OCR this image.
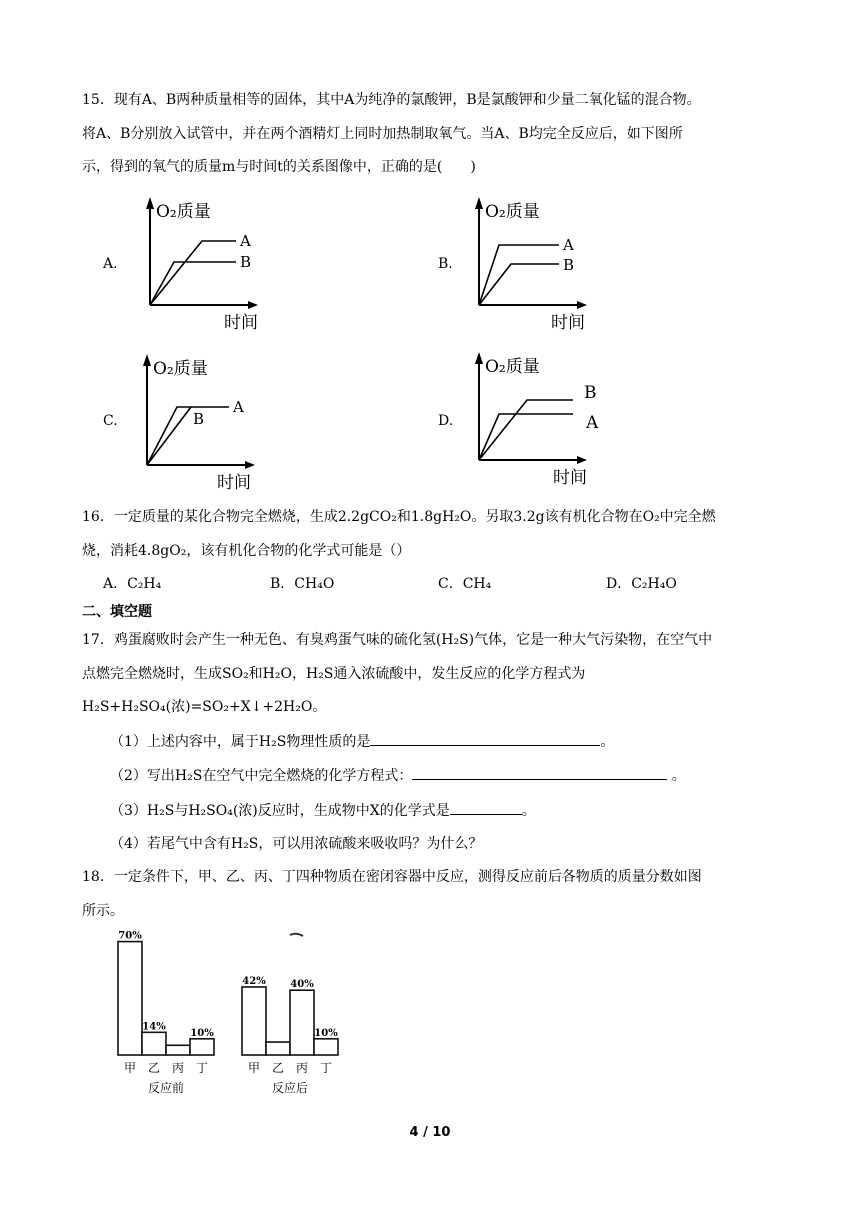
15．现有A、B两种质量相等的固体，其中A为纯净的氯酸钾，B是氯酸钾和少量二氧化锰的混合物。
将A、B分别放入试管中，并在两个酒精灯上同时加热制取氧气。当A、B均完全反应后，如下图所
示，得到的氧气的质量m与时间t的关系图像中，正确的是(　　)
A.
O₂质量
时间
A
B	B.
O₂质量
时间
A
B
C.
O₂质量
时间
A
B	D.
O₂质量
时间
B
A
16．一定质量的某化合物完全燃烧，生成2.2gCO₂和1.8gH₂O。另取3.2g该有机化合物在O₂中完全燃
烧，消耗4.8gO₂，该有机化合物的化学式可能是（）
A．C₂H₄	B．CH₄O	C．CH₄	D．C₂H₄O
二、填空题
17．鸡蛋腐败时会产生一种无色、有臭鸡蛋气味的硫化氢(H₂S)气体，它是一种大气污染物，在空气中
点燃完全燃烧时，生成SO₂和H₂O，H₂S通入浓硫酸中，发生反应的化学方程式为
H₂S+H₂SO₄(浓)=SO₂+X↓+2H₂O。
（1）上述内容中，属于H₂S物理性质的是	。
（2）写出H₂S在空气中完全燃烧的化学方程式：	。
（3）H₂S与H₂SO₄(浓)反应时，生成物中X的化学式是	。
（4）若尾气中含有H₂S，可以用浓硫酸来吸收吗？为什么？
18．一定条件下，甲、乙、丙、丁四种物质在密闭容器中反应，测得反应前后各物质的质量分数如图
所示。
70%
甲
14%
乙 丙
10%
丁
反应前
42%
甲 乙
40%
丙
10%
丁
反应后
4 / 10
